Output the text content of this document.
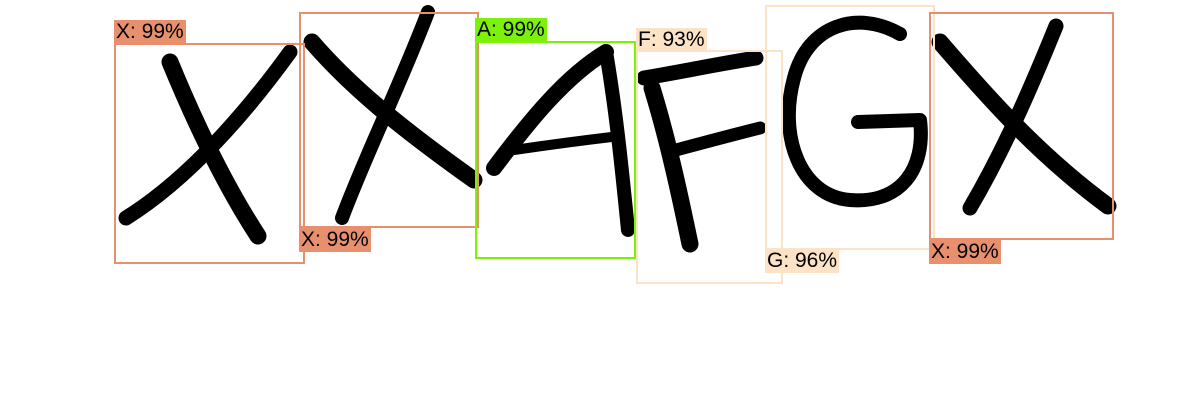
X: 99%
X: 99%
A: 99%	F: 93%
G: 96%	X: 99%
